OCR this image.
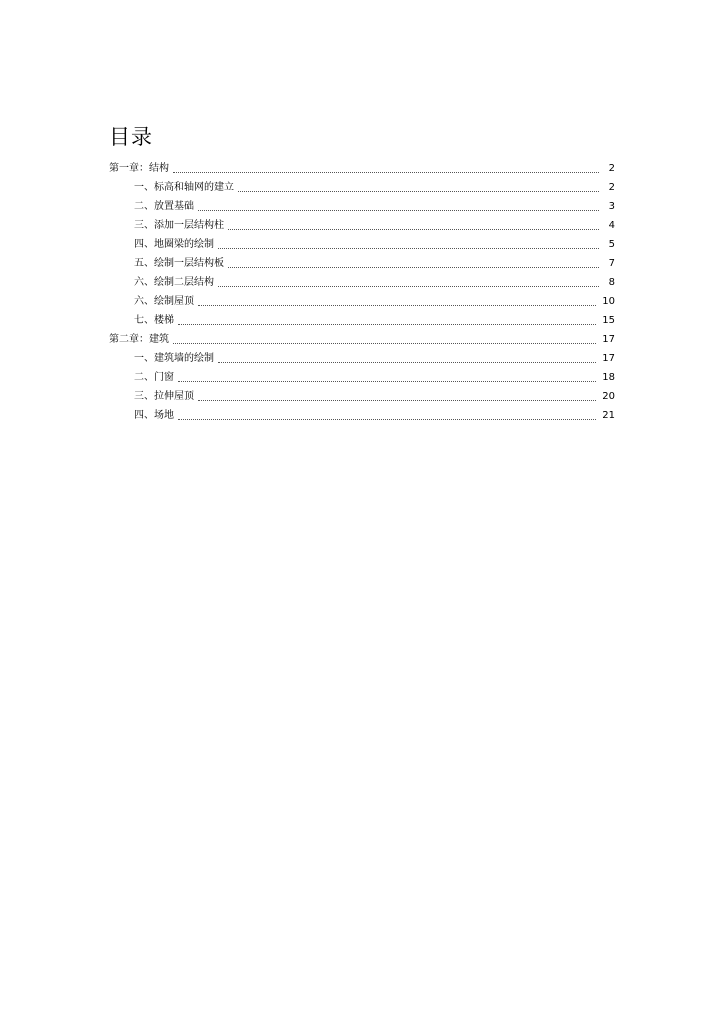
目录
第一章：结构	2
一、标高和轴网的建立	2
二、放置基础	3
三、添加一层结构柱	4
四、地圈梁的绘制	5
五、绘制一层结构板	7
六、绘制二层结构	8
六、绘制屋顶	10
七、楼梯	15
第二章：建筑	17
一、建筑墙的绘制	17
二、门窗	18
三、拉伸屋顶	20
四、场地	21
